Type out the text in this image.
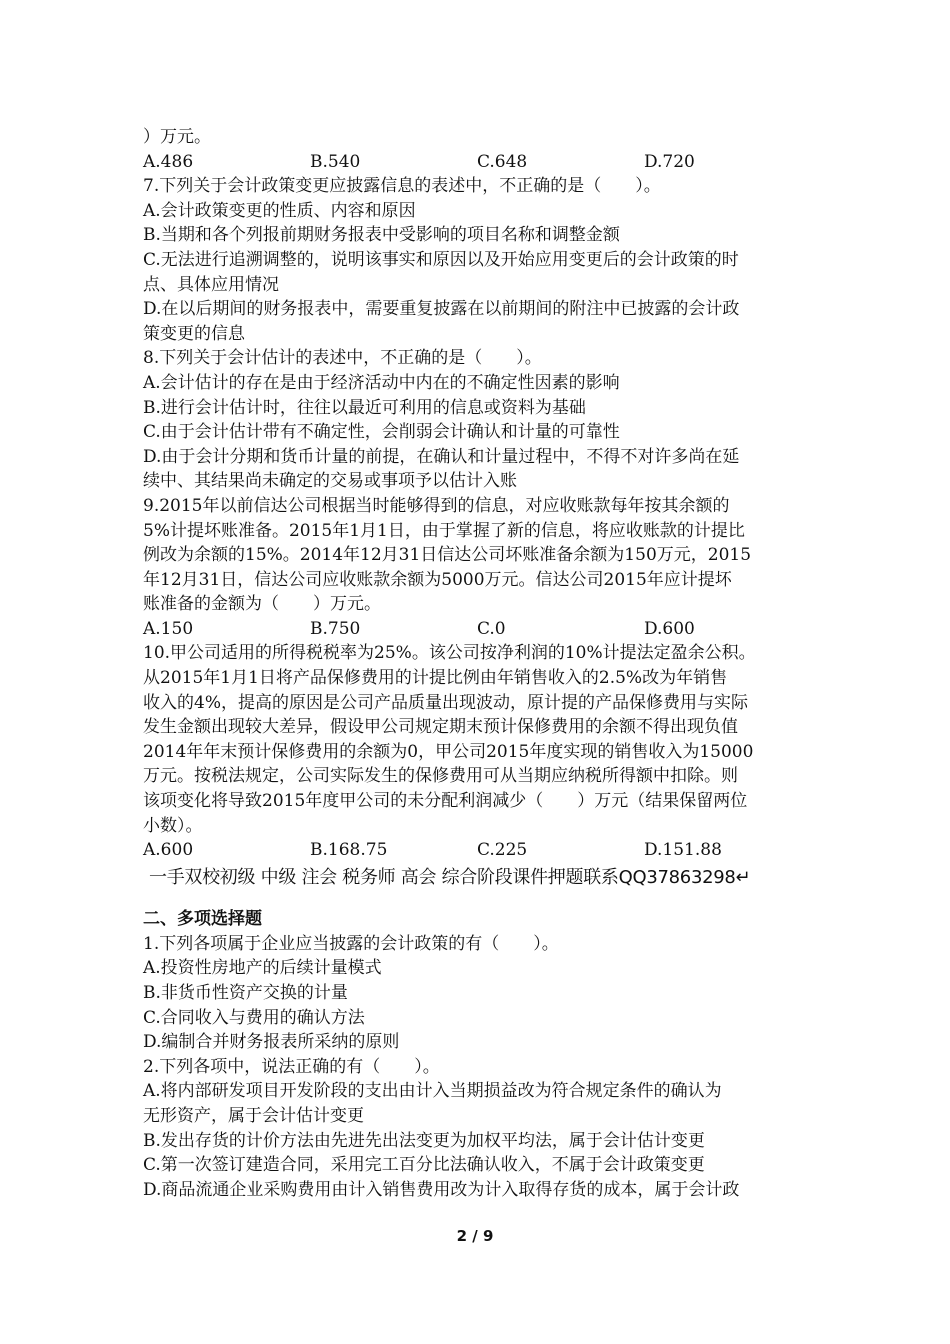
）万元。
A.486	B.540	C.648	D.720
7.下列关于会计政策变更应披露信息的表述中，不正确的是（　　）。
A.会计政策变更的性质、内容和原因
B.当期和各个列报前期财务报表中受影响的项目名称和调整金额
C.无法进行追溯调整的，说明该事实和原因以及开始应用变更后的会计政策的时
点、具体应用情况
D.在以后期间的财务报表中，需要重复披露在以前期间的附注中已披露的会计政
策变更的信息
8.下列关于会计估计的表述中，不正确的是（　　）。
A.会计估计的存在是由于经济活动中内在的不确定性因素的影响
B.进行会计估计时，往往以最近可利用的信息或资料为基础
C.由于会计估计带有不确定性，会削弱会计确认和计量的可靠性
D.由于会计分期和货币计量的前提，在确认和计量过程中，不得不对许多尚在延
续中、其结果尚未确定的交易或事项予以估计入账
9.2015年以前信达公司根据当时能够得到的信息，对应收账款每年按其余额的
5%计提坏账准备。2015年1月1日，由于掌握了新的信息，将应收账款的计提比
例改为余额的15%。2014年12月31日信达公司坏账准备余额为150万元，2015
年12月31日，信达公司应收账款余额为5000万元。信达公司2015年应计提坏
账准备的金额为（　　）万元。
A.150	B.750	C.0	D.600
10.甲公司适用的所得税税率为25%。该公司按净利润的10%计提法定盈余公积。
从2015年1月1日将产品保修费用的计提比例由年销售收入的2.5%改为年销售
收入的4%，提高的原因是公司产品质量出现波动，原计提的产品保修费用与实际
发生金额出现较大差异，假设甲公司规定期末预计保修费用的余额不得出现负值
2014年年末预计保修费用的余额为0，甲公司2015年度实现的销售收入为15000
万元。按税法规定，公司实际发生的保修费用可从当期应纳税所得额中扣除。则
该项变化将导致2015年度甲公司的未分配利润减少（　　）万元（结果保留两位
小数）。
A.600	B.168.75	C.225	D.151.88
一手双校初级 中级 注会 税务师 高会 综合阶段课件押题联系QQ37863298↵
二、多项选择题
1.下列各项属于企业应当披露的会计政策的有（　　）。
A.投资性房地产的后续计量模式
B.非货币性资产交换的计量
C.合同收入与费用的确认方法
D.编制合并财务报表所采纳的原则
2.下列各项中，说法正确的有（　　）。
A.将内部研发项目开发阶段的支出由计入当期损益改为符合规定条件的确认为
无形资产，属于会计估计变更
B.发出存货的计价方法由先进先出法变更为加权平均法，属于会计估计变更
C.第一次签订建造合同，采用完工百分比法确认收入，不属于会计政策变更
D.商品流通企业采购费用由计入销售费用改为计入取得存货的成本，属于会计政
2 / 9
